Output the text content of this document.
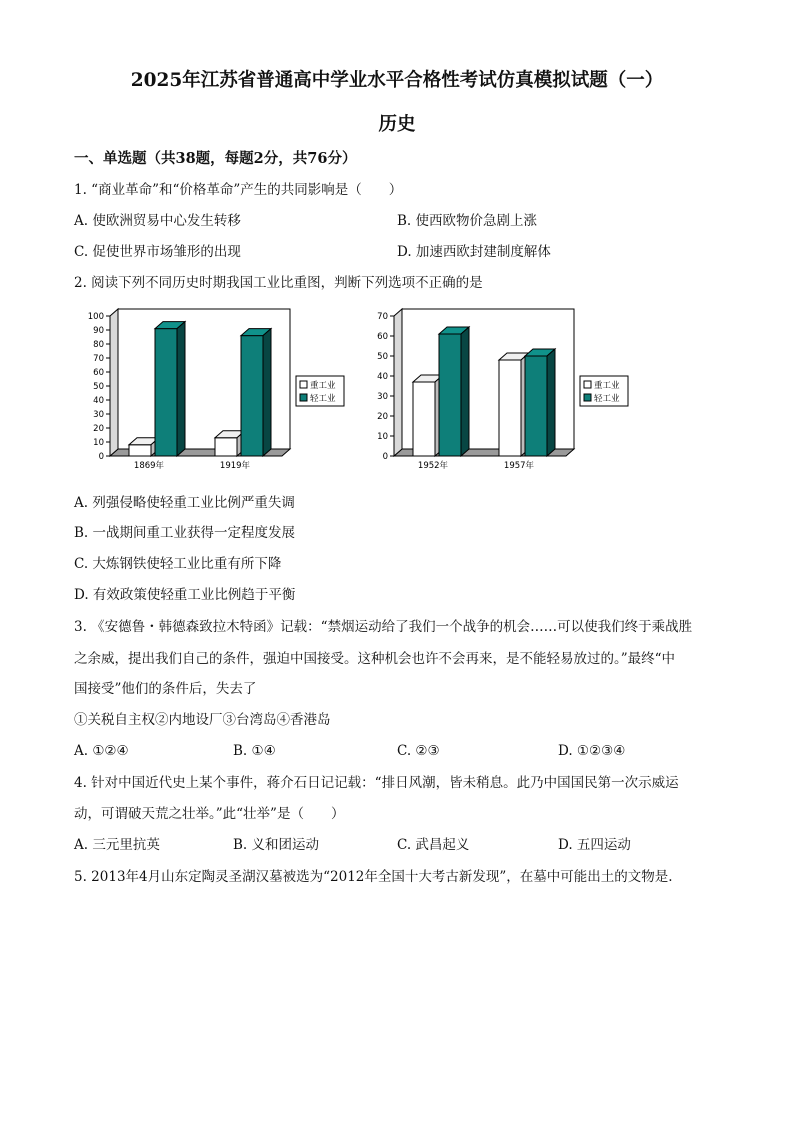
2025年江苏省普通高中学业水平合格性考试仿真模拟试题（一）
历史
一、单选题（共38题，每题2分，共76分）
1. “商业革命”和“价格革命”产生的共同影响是（　　）
A. 使欧洲贸易中心发生转移	B. 使西欧物价急剧上涨
C. 促使世界市场雏形的出现	D. 加速西欧封建制度解体
2. 阅读下列不同历史时期我国工业比重图，判断下列选项不正确的是
0
10
20
30
40
50
60
70
80
90
100
1869年	1919年
重工业
轻工业
0
10
20
30
40
50
60
70
1952年	1957年
重工业
轻工业
A. 列强侵略使轻重工业比例严重失调
B. 一战期间重工业获得一定程度发展
C. 大炼钢铁使轻工业比重有所下降
D. 有效政策使轻重工业比例趋于平衡
3. 《安德鲁・韩德森致拉木特函》记载：“禁烟运动给了我们一个战争的机会……可以使我们终于乘战胜
之余威，提出我们自己的条件，强迫中国接受。这种机会也许不会再来，是不能轻易放过的。”最终“中
国接受”他们的条件后，失去了
①关税自主权②内地设厂③台湾岛④香港岛
A. ①②④	B. ①④	C. ②③	D. ①②③④
4. 针对中国近代史上某个事件，蒋介石日记记载：“排日风潮，皆未稍息。此乃中国国民第一次示威运
动，可谓破天荒之壮举。”此“壮举”是（　　）
A. 三元里抗英	B. 义和团运动	C. 武昌起义	D. 五四运动
5. 2013年4月山东定陶灵圣湖汉墓被选为“2012年全国十大考古新发现”，在墓中可能出土的文物是.
